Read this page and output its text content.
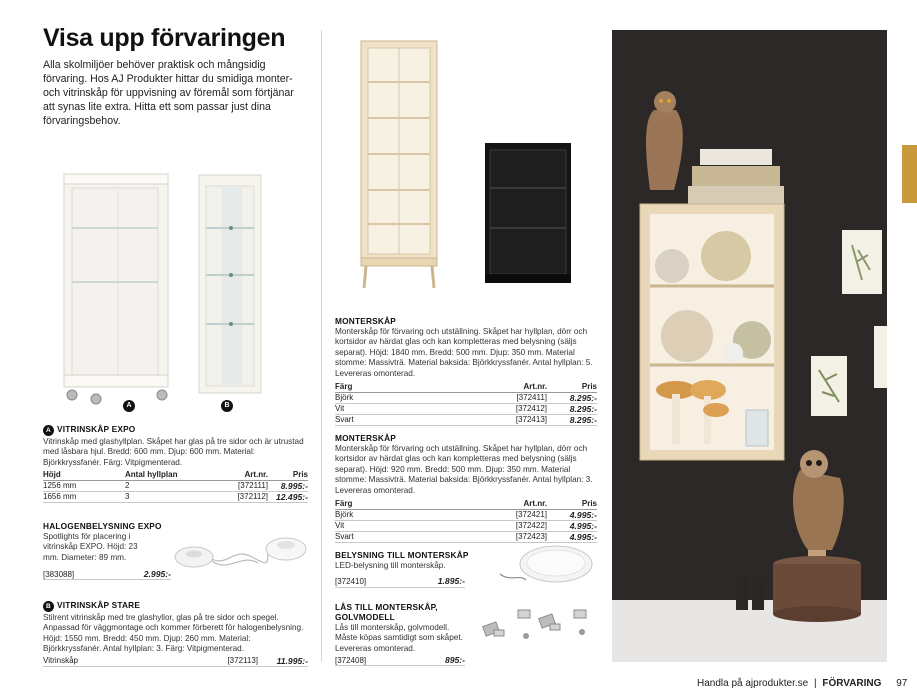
Visa upp förvaringen

Alla skolmiljöer behöver praktisk och mångsidig förvaring. Hos AJ Produkter hittar du smidiga monter- och vitrinskåp för uppvisning av föremål som förtjänar att synas lite extra. Hitta ett som passar just dina förvaringsbehov.

A	B
A VITRINSKÅP EXPO

Vitrinskåp med glashyllplan. Skåpet har glas på tre sidor och är utrustad med låsbara hjul. Bredd: 600 mm. Djup: 600 mm. Material: Björkkryssfanér. Färg: Vitpigmenterad.

Höjd	Antal hyllplan	Art.nr.	Pris
1256 mm	2	[372111]	8.995:-
1656 mm	3	[372112]	12.495:-
HALOGENBELYSNING EXPO

Spotlights för placering i vitrinskåp EXPO. Höjd: 23 mm. Diameter: 89 mm.

[383088]	2.995:-
B VITRINSKÅP STARE

Stilrent vitrinskåp med tre glashyllor, glas på tre sidor och spegel. Anpassad för väggmontage och kommer förberett för halogenbelysning. Höjd: 1550 mm. Bredd: 450 mm. Djup: 260 mm. Material: Björkkryssfanér. Antal hyllplan: 3. Färg: Vitpigmenterad.

Vitrinskåp	[372113]	11.995:-
MONTERSKÅP

Monterskåp för förvaring och utställning. Skåpet har hyllplan, dörr och kortsidor av härdat glas och kan kompletteras med belysning (säljs separat). Höjd: 1840 mm. Bredd: 500 mm. Djup: 350 mm. Material stomme: Massivträ. Material baksida: Björkkryssfanér. Antal hyllplan: 5. Levereras omonterad.

Färg	Art.nr.	Pris
Björk	[372411]	8.295:-
Vit	[372412]	8.295:-
Svart	[372413]	8.295:-
MONTERSKÅP

Monterskåp för förvaring och utställning. Skåpet har hyllplan, dörr och kortsidor av härdat glas och kan kompletteras med belysning (säljs separat). Höjd: 920 mm. Bredd: 500 mm. Djup: 350 mm. Material stomme: Massivträ. Material baksida: Björkkryssfanér. Antal hyllplan: 3. Levereras omonterad.

Färg	Art.nr.	Pris
Björk	[372421]	4.995:-
Vit	[372422]	4.995:-
Svart	[372423]	4.995:-
BELYSNING TILL MONTERSKÅP

LED-belysning till monterskåp.

[372410]	1.895:-
LÅS TILL MONTERSKÅP, GOLVMODELL

Lås till monterskåp, golvmodell. Måste köpas samtidigt som skåpet. Levereras omonterad.

[372408]	895:-
Handla på ajprodukter.se | FÖRVARING 97
